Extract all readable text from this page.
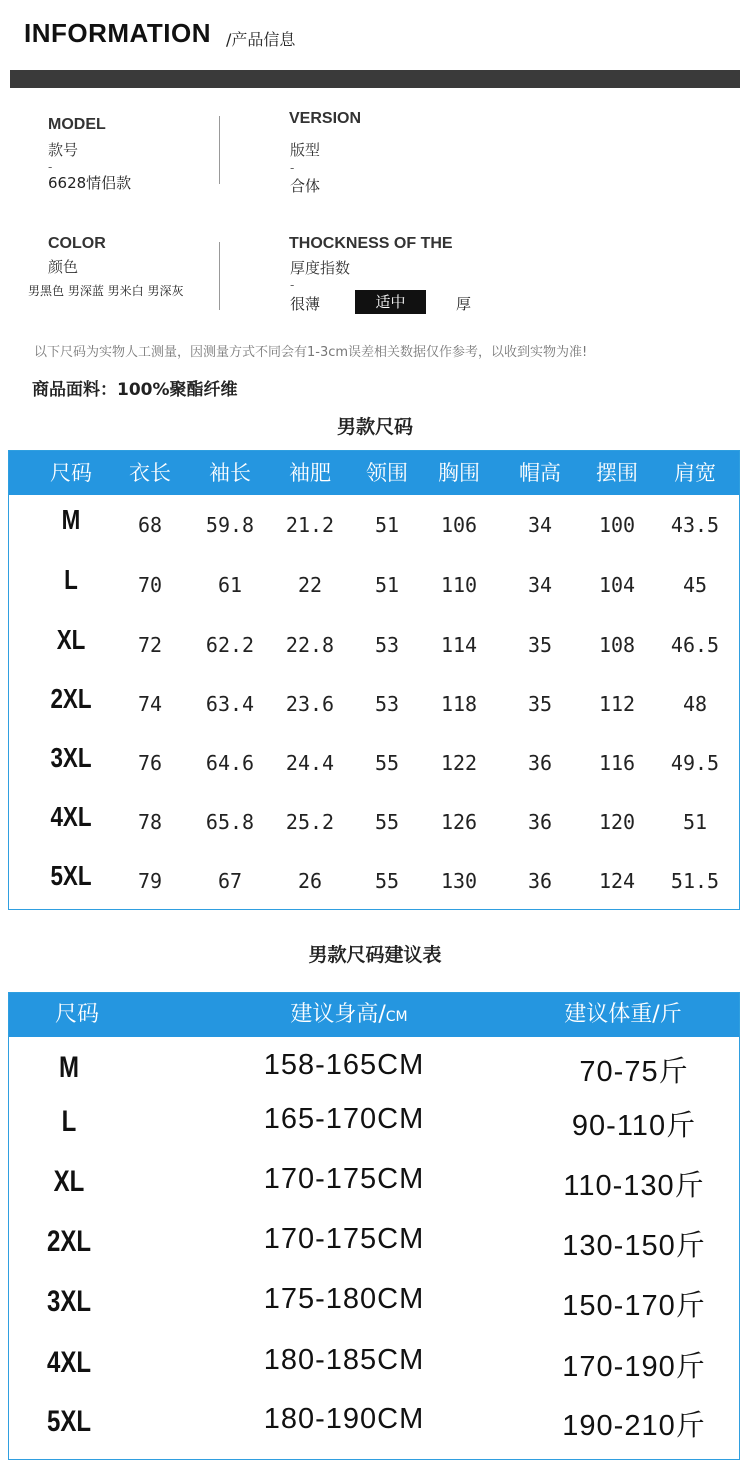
INFORMATION /产品信息
MODEL
款号
-
6628情侣款
VERSION
版型
-
合体
COLOR
颜色
男黑色 男深蓝 男米白 男深灰
THOCKNESS OF THE
厚度指数
-
很薄	适中	厚
以下尺码为实物人工测量，因测量方式不同会有1-3cm误差相关数据仅作参考，以收到实物为准!
商品面料：100%聚酯纤维
男款尺码
尺码 衣长 袖长 袖肥 领围 胸围 帽高 摆围 肩宽
M	68 59.8 21.2 51 106	34 100 43.5
L	70	61	22	51 110	34 104 45
XL	72 62.2 22.8 53 114	35 108 46.5
2XL 74 63.4 23.6 53 118	35 112 48
3XL 76 64.6 24.4 55 122	36 116 49.5
4XL 78 65.8 25.2 55 126	36 120 51
5XL 79	67	26	55 130	36 124 51.5
男款尺码建议表
尺码	建议身高/CM	建议体重/斤
M	158-165CM	70-75斤
L	165-170CM	90-110斤
XL	170-175CM	110-130斤
2XL	170-175CM	130-150斤
3XL	175-180CM	150-170斤
4XL	180-185CM	170-190斤
5XL	180-190CM	190-210斤
